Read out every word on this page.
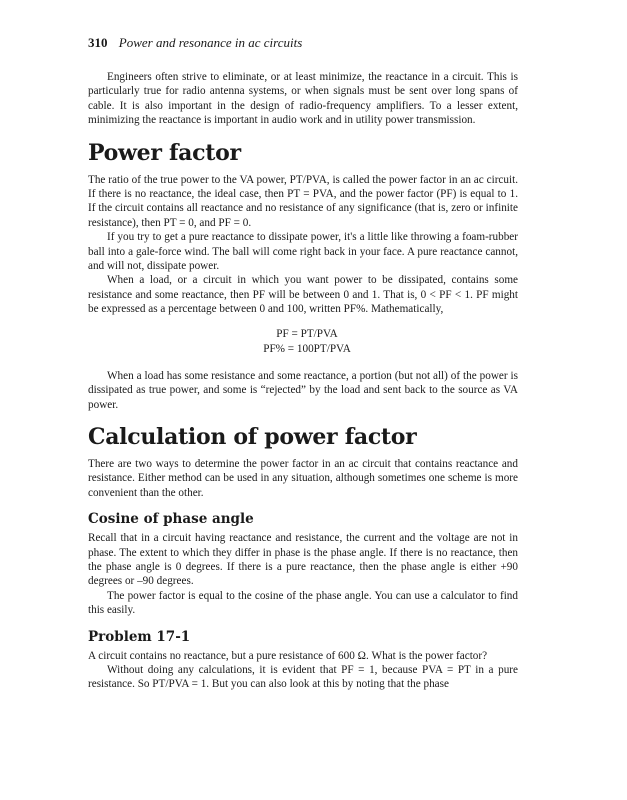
310 Power and resonance in ac circuits

Engineers often strive to eliminate, or at least minimize, the reactance in a circuit. This is particularly true for radio antenna systems, or when signals must be sent over long spans of cable. It is also important in the design of radio-frequency amplifiers. To a lesser extent, minimizing the reactance is important in audio work and in utility power transmission.

Power factor

The ratio of the true power to the VA power, PT/PVA, is called the power factor in an ac circuit. If there is no reactance, the ideal case, then PT = PVA, and the power factor (PF) is equal to 1. If the circuit contains all reactance and no resistance of any significance (that is, zero or infinite resistance), then PT = 0, and PF = 0.

If you try to get a pure reactance to dissipate power, it's a little like throwing a foam-rubber ball into a gale-force wind. The ball will come right back in your face. A pure reactance cannot, and will not, dissipate power.

When a load, or a circuit in which you want power to be dissipated, contains some resistance and some reactance, then PF will be between 0 and 1. That is, 0 < PF < 1. PF might be expressed as a percentage between 0 and 100, written PF%. Mathematically,

PF = PT/PVA
PF% = 100PT/PVA

When a load has some resistance and some reactance, a portion (but not all) of the power is dissipated as true power, and some is “rejected” by the load and sent back to the source as VA power.

Calculation of power factor

There are two ways to determine the power factor in an ac circuit that contains reactance and resistance. Either method can be used in any situation, although sometimes one scheme is more convenient than the other.

Cosine of phase angle

Recall that in a circuit having reactance and resistance, the current and the voltage are not in phase. The extent to which they differ in phase is the phase angle. If there is no reactance, then the phase angle is 0 degrees. If there is a pure reactance, then the phase angle is either +90 degrees or –90 degrees.

The power factor is equal to the cosine of the phase angle. You can use a calculator to find this easily.

Problem 17-1

A circuit contains no reactance, but a pure resistance of 600 Ω. What is the power factor?

Without doing any calculations, it is evident that PF = 1, because PVA = PT in a pure resistance. So PT/PVA = 1. But you can also look at this by noting that the phase
